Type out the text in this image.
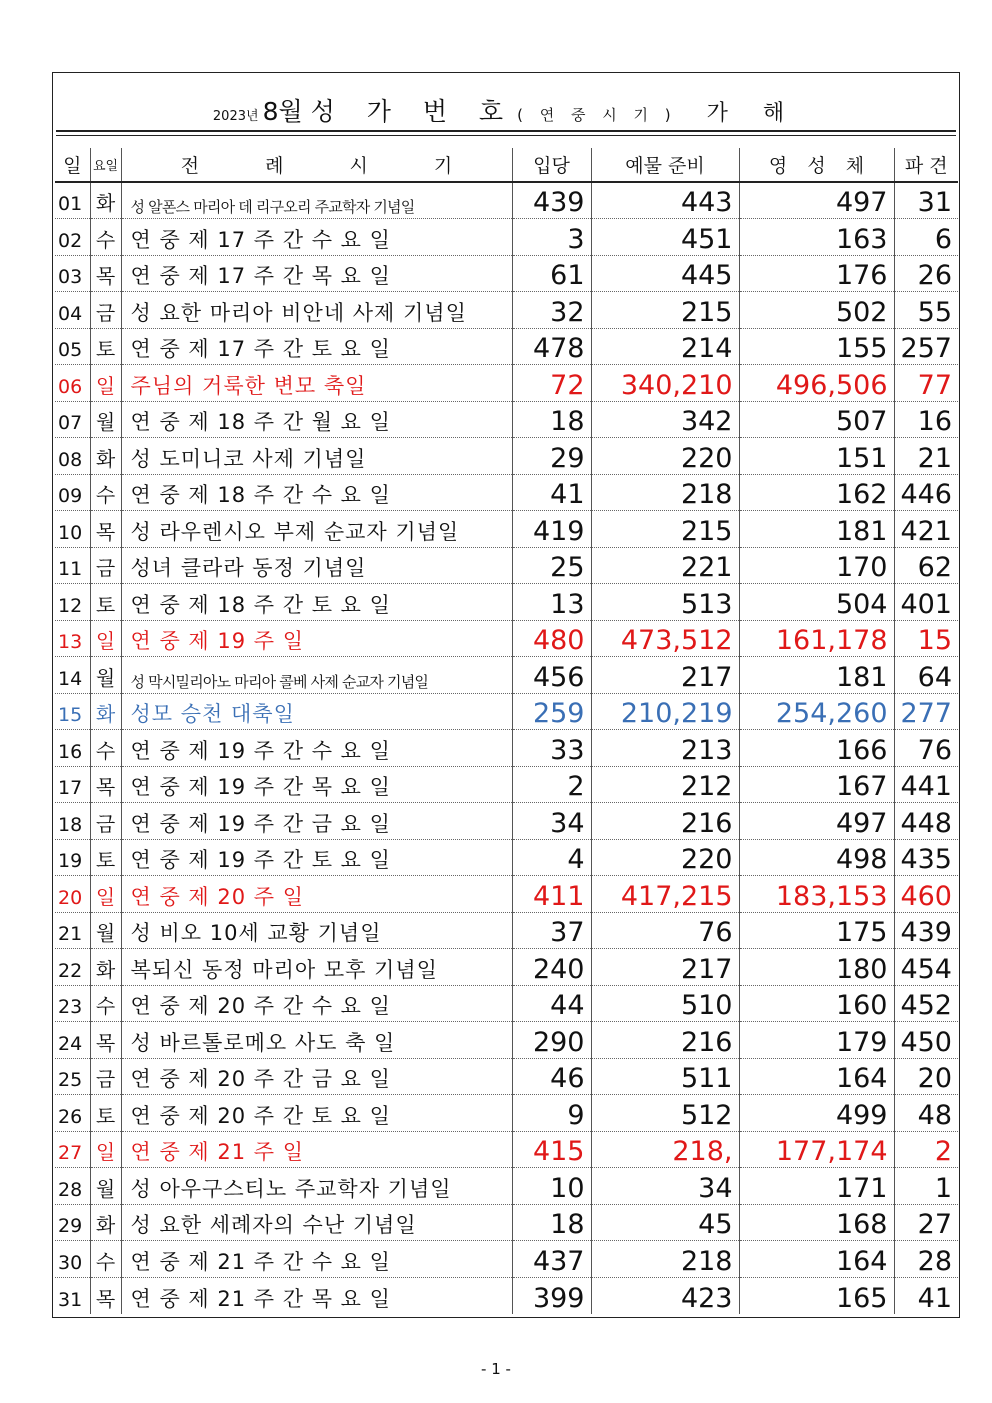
2023년 8월 성 가 번 호 ( 연 중 시 기 ) 가 해
일	요일	전 례 시 기	입당	예물 준비	영 성 체	파 견
01	화	성 알폰스 마리아 데 리구오리 주교학자 기념일	439	443	497	31
02	수	연 중 제 17 주 간 수 요 일	3	451	163	6
03	목	연 중 제 17 주 간 목 요 일	61	445	176	26
04	금	성 요한 마리아 비안네 사제 기념일	32	215	502	55
05	토	연 중 제 17 주 간 토 요 일	478	214	155	257
06	일	주님의 거룩한 변모 축일	72	340,210	496,506	77
07	월	연 중 제 18 주 간 월 요 일	18	342	507	16
08	화	성 도미니코 사제 기념일	29	220	151	21
09	수	연 중 제 18 주 간 수 요 일	41	218	162	446
10	목	성 라우렌시오 부제 순교자 기념일	419	215	181	421
11	금	성녀 클라라 동정 기념일	25	221	170	62
12	토	연 중 제 18 주 간 토 요 일	13	513	504	401
13	일	연 중 제 19 주 일	480	473,512	161,178	15
14	월	성 막시밀리아노 마리아 콜베 사제 순교자 기념일	456	217	181	64
15	화	성모 승천 대축일	259	210,219	254,260	277
16	수	연 중 제 19 주 간 수 요 일	33	213	166	76
17	목	연 중 제 19 주 간 목 요 일	2	212	167	441
18	금	연 중 제 19 주 간 금 요 일	34	216	497	448
19	토	연 중 제 19 주 간 토 요 일	4	220	498	435
20	일	연 중 제 20 주 일	411	417,215	183,153	460
21	월	성 비오 10세 교황 기념일	37	76	175	439
22	화	복되신 동정 마리아 모후 기념일	240	217	180	454
23	수	연 중 제 20 주 간 수 요 일	44	510	160	452
24	목	성 바르톨로메오 사도 축 일	290	216	179	450
25	금	연 중 제 20 주 간 금 요 일	46	511	164	20
26	토	연 중 제 20 주 간 토 요 일	9	512	499	48
27	일	연 중 제 21 주 일	415	218,	177,174	2
28	월	성 아우구스티노 주교학자 기념일	10	34	171	1
29	화	성 요한 세례자의 수난 기념일	18	45	168	27
30	수	연 중 제 21 주 간 수 요 일	437	218	164	28
31	목	연 중 제 21 주 간 목 요 일	399	423	165	41
- 1 -
